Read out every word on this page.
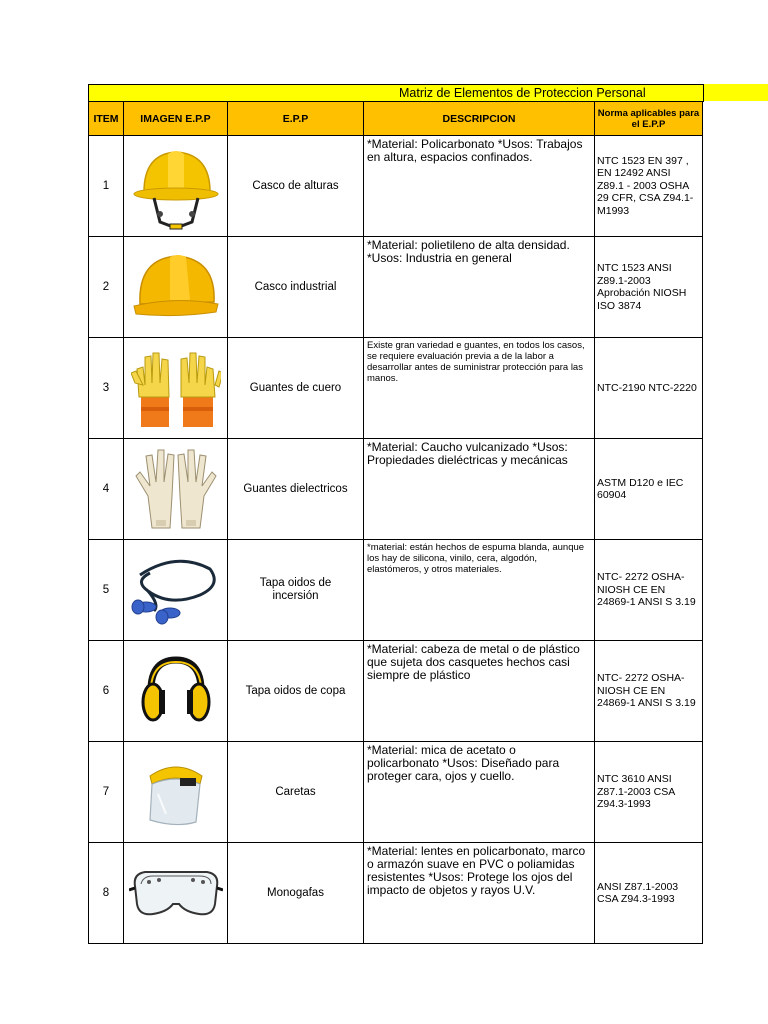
Matriz de Elementos de Proteccion Personal
ITEM	IMAGEN E.P.P	E.P.P	DESCRIPCION	Norma aplicables para el E.P.P
1		Casco de alturas	*Material: Policarbonato *Usos: Trabajos en altura, espacios confinados.	NTC 1523 EN 397 , EN 12492 ANSI Z89.1 - 2003 OSHA 29 CFR, CSA Z94.1-M1993
2		Casco industrial	*Material: polietileno de alta densidad. *Usos: Industria en general	NTC 1523 ANSI Z89.1-2003 Aprobación NIOSH ISO 3874
3		Guantes de cuero	Existe gran variedad e guantes, en todos los casos, se requiere evaluación previa a de la labor a desarrollar antes de suministrar protección para las manos.	NTC-2190 NTC-2220
4		Guantes dielectricos	*Material: Caucho vulcanizado *Usos: Propiedades dieléctricas y mecánicas	ASTM D120 e IEC 60904
5		Tapa oidos de incersión	*material: están hechos de espuma blanda, aunque los hay de silicona, vinilo, cera, algodón, elastómeros, y otros materiales.	NTC- 2272 OSHA-NIOSH CE EN 24869-1 ANSI S 3.19
6		Tapa oidos de copa	*Material: cabeza de metal o de plástico que sujeta dos casquetes hechos casi siempre de plástico	NTC- 2272 OSHA-NIOSH CE EN 24869-1 ANSI S 3.19
7		Caretas	*Material: mica de acetato o policarbonato *Usos: Diseñado para proteger cara, ojos y cuello.	NTC 3610 ANSI Z87.1-2003 CSA Z94.3-1993
8		Monogafas	*Material: lentes en policarbonato, marco o armazón suave en PVC o poliamidas resistentes *Usos: Protege los ojos del impacto de objetos y rayos U.V.	ANSI Z87.1-2003 CSA Z94.3-1993
